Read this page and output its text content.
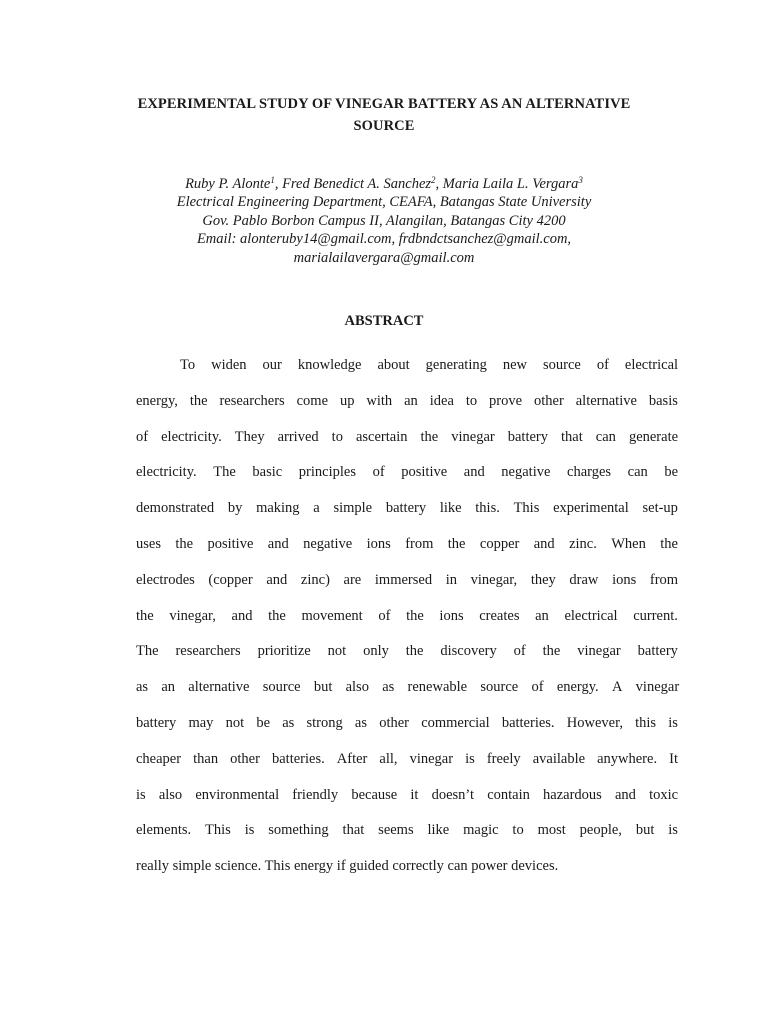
EXPERIMENTAL STUDY OF VINEGAR BATTERY AS AN ALTERNATIVE
SOURCE

Ruby P. Alonte$^1$, Fred Benedict A. Sanchez$^2$, Maria Laila L. Vergara$^3$

Electrical Engineering Department, CEAFA, Batangas State University

Gov. Pablo Borbon Campus II, Alangilan, Batangas City 4200

Email: alonteruby14@gmail.com, frdbndctsanchez@gmail.com,

marialailavergara@gmail.com

ABSTRACT
To widen our knowledge about generating new source of electrical
energy, the researchers come up with an idea to prove other alternative basis
of electricity. They arrived to ascertain the vinegar battery that can generate
electricity. The basic principles of positive and negative charges can be
demonstrated by making a simple battery like this. This experimental set-up
uses the positive and negative ions from the copper and zinc. When the
electrodes (copper and zinc) are immersed in vinegar, they draw ions from
the vinegar, and the movement of the ions creates an electrical current.
The researchers prioritize not only the discovery of the vinegar battery
as an alternative source but also as renewable source of energy. A vinegar
battery may not be as strong as other commercial batteries. However, this is
cheaper than other batteries. After all, vinegar is freely available anywhere. It
is also environmental friendly because it doesn’t contain hazardous and toxic
elements. This is something that seems like magic to most people, but is
really simple science. This energy if guided correctly can power devices.
